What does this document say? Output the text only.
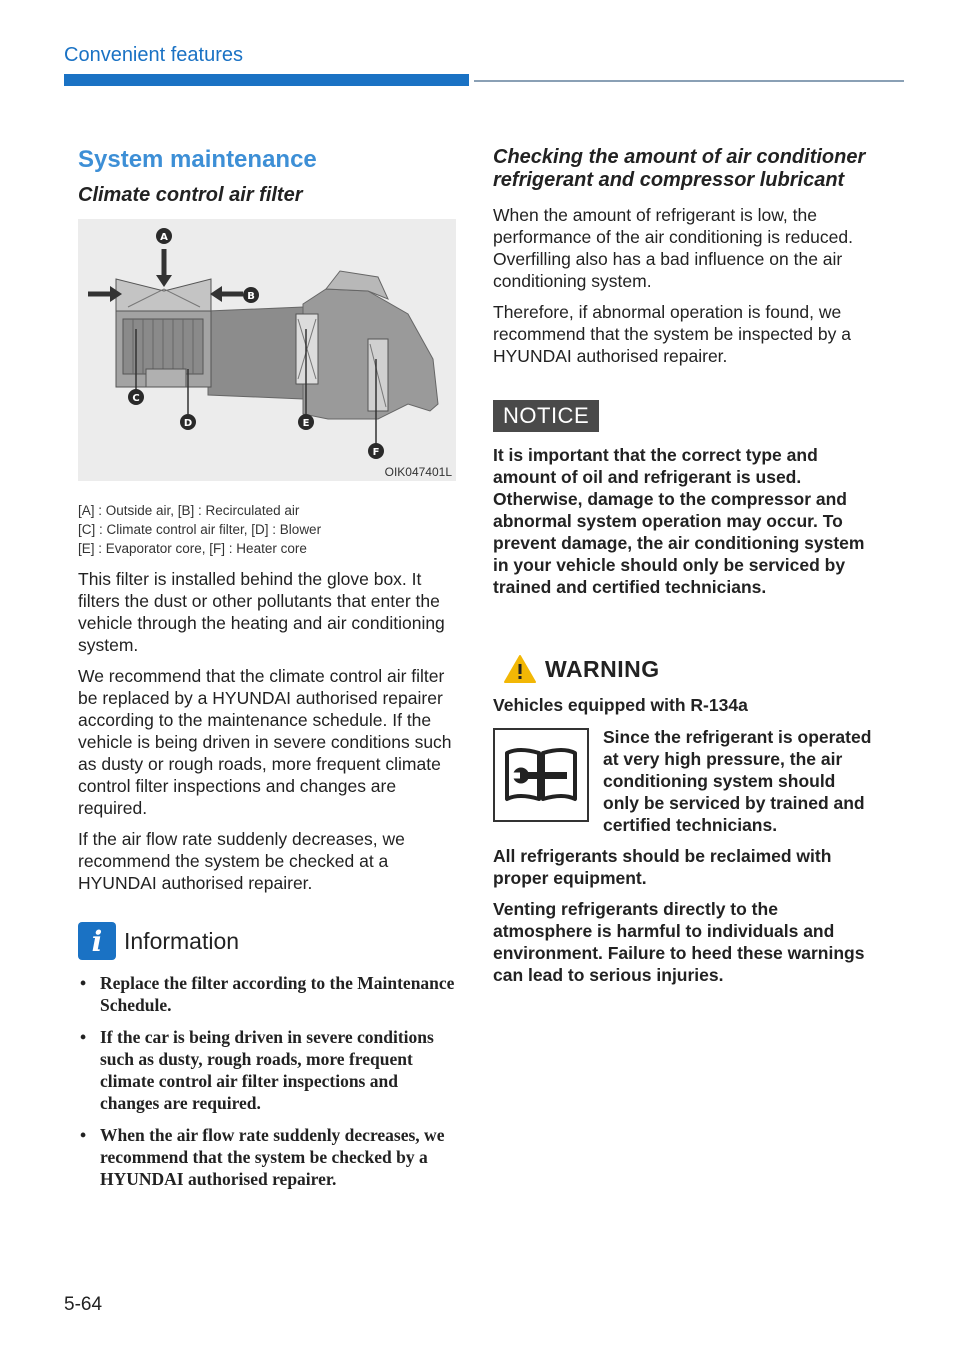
Convenient features
System maintenance
Climate control air filter
A
B
C
D	E
F
OIK047401L
[A] : Outside air, [B] : Recirculated air
[C] : Climate control air filter, [D] : Blower
[E] : Evaporator core, [F] : Heater core

This filter is installed behind the glove box. It filters the dust or other pollutants that enter the vehicle through the heating and air conditioning system.

We recommend that the climate control air filter be replaced by a HYUNDAI authorised repairer according to the maintenance schedule. If the vehicle is being driven in severe conditions such as dusty or rough roads, more frequent climate control filter inspections and changes are required.

If the air flow rate suddenly decreases, we recommend the system be checked at a HYUNDAI authorised repairer.

i Information
• Replace the filter according to the Maintenance Schedule.
• If the car is being driven in severe conditions such as dusty, rough roads, more frequent climate control air filter inspections and changes are required.
• When the air flow rate suddenly decreases, we recommend that the system be checked by a HYUNDAI authorised repairer.
Checking the amount of air conditioner refrigerant and compressor lubricant

When the amount of refrigerant is low, the performance of the air conditioning is reduced. Overfilling also has a bad influence on the air conditioning system.

Therefore, if abnormal operation is found, we recommend that the system be inspected by a HYUNDAI authorised repairer.

NOTICE

It is important that the correct type and amount of oil and refrigerant is used. Otherwise, damage to the compressor and abnormal system operation may occur. To prevent damage, the air conditioning system in your vehicle should only be serviced by trained and certified technicians.

WARNING

Vehicles equipped with R-134a

Since the refrigerant is operated at very high pressure, the air conditioning system should only be serviced by trained and certified technicians.

All refrigerants should be reclaimed with proper equipment.

Venting refrigerants directly to the atmosphere is harmful to individuals and environment. Failure to heed these warnings can lead to serious injuries.

5-64
